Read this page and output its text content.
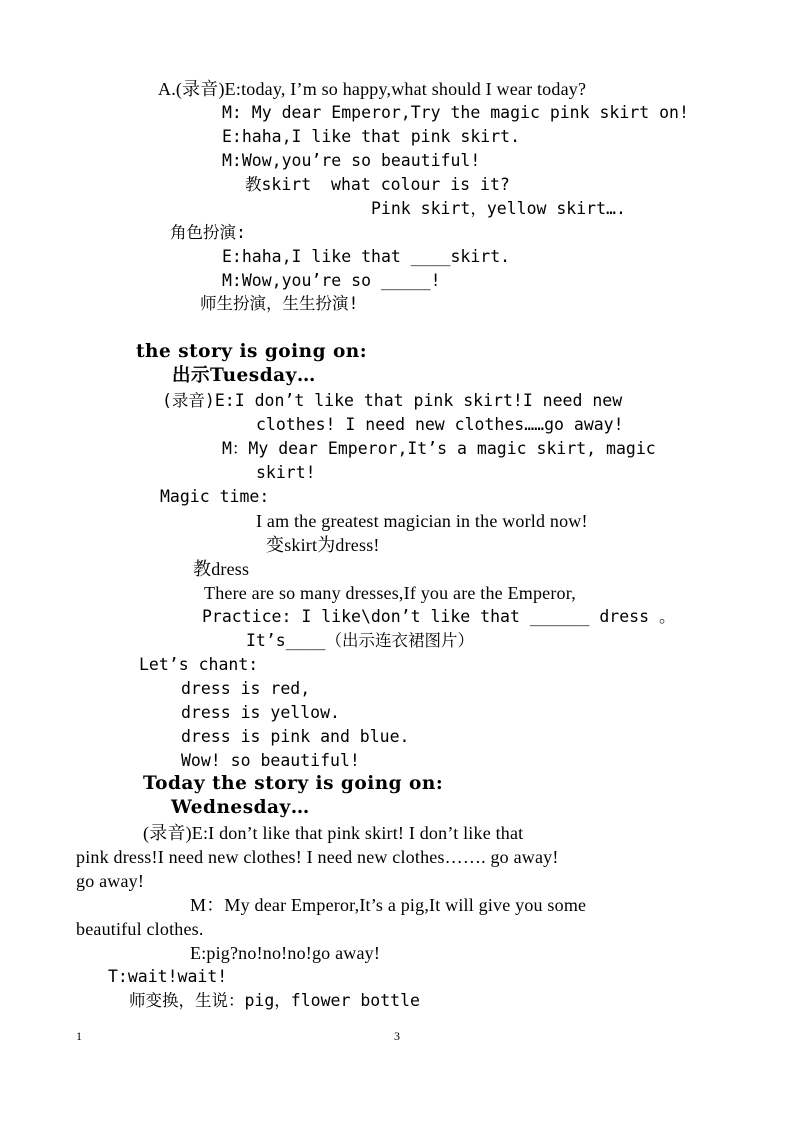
A.(录音)E:today, I’m so happy,what should I wear today?
M: My dear Emperor,Try the magic pink skirt on!
E:haha,I like that pink skirt.
M:Wow,you’re so beautiful!
教skirt  what colour is it?
Pink skirt，yellow skirt….
角色扮演:
E:haha,I like that ____skirt.
M:Wow,you’re so _____!
师生扮演，生生扮演!
the story is going on:
出示Tuesday…
(录音)E:I don’t like that pink skirt!I need new
clothes! I need new clothes……go away!
M：My dear Emperor,It’s a magic skirt, magic
skirt!
Magic time:
I am the greatest magician in the world now!
变skirt为dress!
教dress
There are so many dresses,If you are the Emperor,
Practice: I like\don’t like that ______ dress 。
It’s____（出示连衣裙图片）
Let’s chant:
dress is red,
dress is yellow.
dress is pink and blue.
Wow! so beautiful!
Today the story is going on:
Wednesday…
(录音)E:I don’t like that pink skirt! I don’t like that
pink dress!I need new clothes! I need new clothes……. go away!
go away!
M：My dear Emperor,It’s a pig,It will give you some
beautiful clothes.
E:pig?no!no!no!go away!
T:wait!wait!
师变换，生说：pig，flower bottle
1	3
